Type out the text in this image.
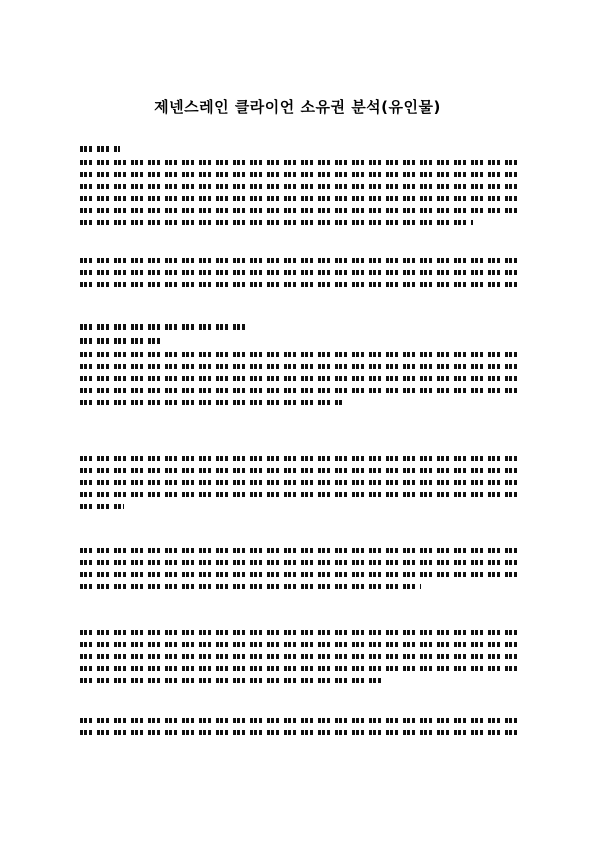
제넨스레인 클라이언 소유권 분석(유인물)
